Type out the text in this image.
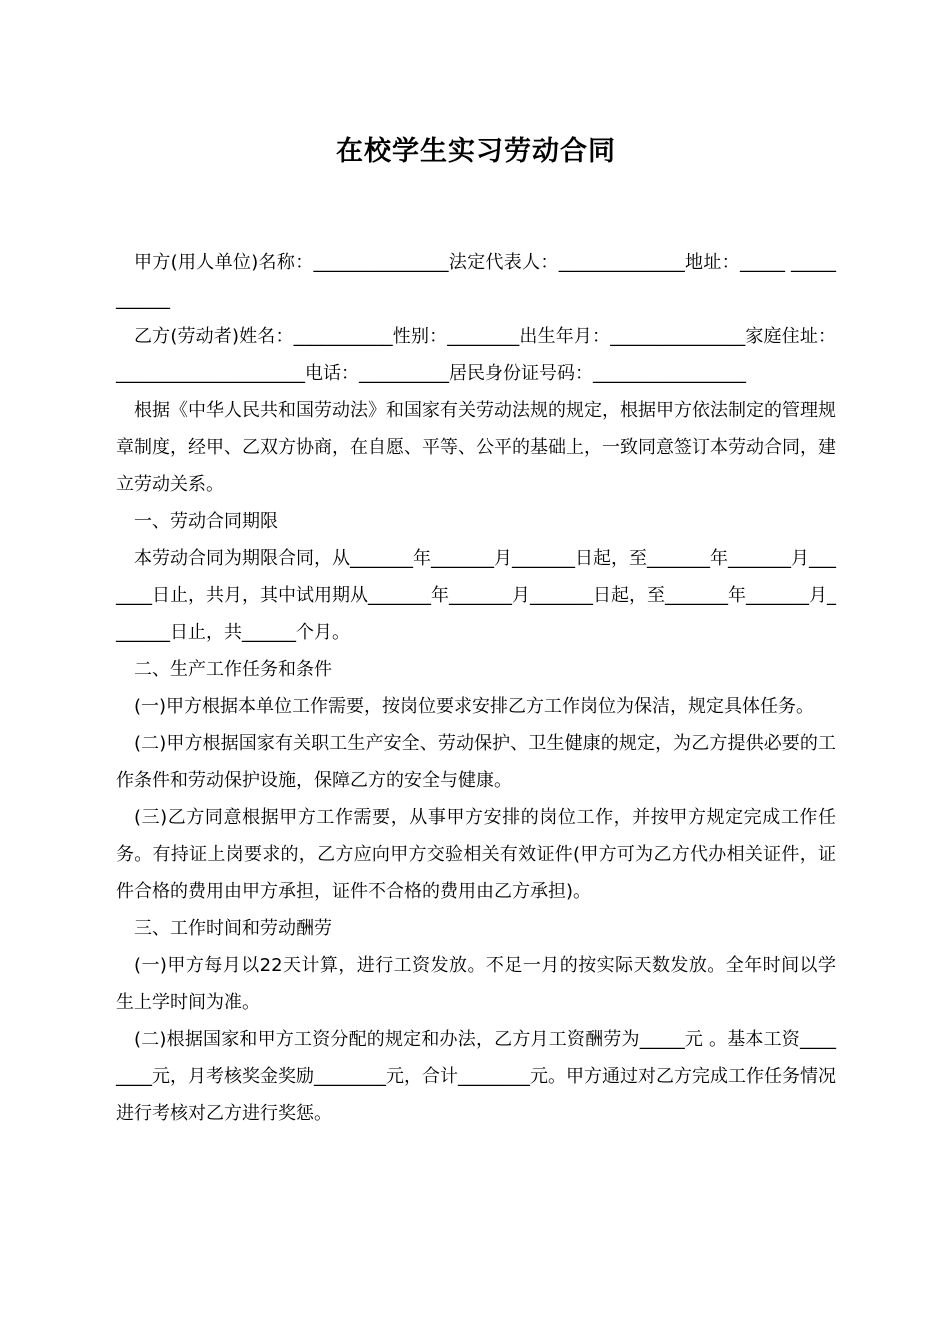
在校学生实习劳动合同

甲方(用人单位)名称：_______________法定代表人：______________地址：_____ ___________

乙方(劳动者)姓名：___________性别：________出生年月：_______________家庭住址：_____________________电话：__________居民身份证号码：_________________

根据《中华人民共和国劳动法》和国家有关劳动法规的规定，根据甲方依法制定的管理规章制度，经甲、乙双方协商，在自愿、平等、公平的基础上，一致同意签订本劳动合同，建立劳动关系。

一、劳动合同期限

本劳动合同为期限合同，从_______年_______月_______日起，至_______年_______月_______日止，共月，其中试用期从_______年_______月_______日起，至_______年_______月_______日止，共______个月。

二、生产工作任务和条件

(一)甲方根据本单位工作需要，按岗位要求安排乙方工作岗位为保洁，规定具体任务。

(二)甲方根据国家有关职工生产安全、劳动保护、卫生健康的规定，为乙方提供必要的工作条件和劳动保护设施，保障乙方的安全与健康。

(三)乙方同意根据甲方工作需要，从事甲方安排的岗位工作，并按甲方规定完成工作任务。有持证上岗要求的，乙方应向甲方交验相关有效证件(甲方可为乙方代办相关证件，证件合格的费用由甲方承担，证件不合格的费用由乙方承担)。

三、工作时间和劳动酬劳

(一)甲方每月以22天计算，进行工资发放。不足一月的按实际天数发放。全年时间以学生上学时间为准。

(二)根据国家和甲方工资分配的规定和办法，乙方月工资酬劳为_____元 。基本工资________元，月考核奖金奖励________元，合计________元。甲方通过对乙方完成工作任务情况进行考核对乙方进行奖惩。
